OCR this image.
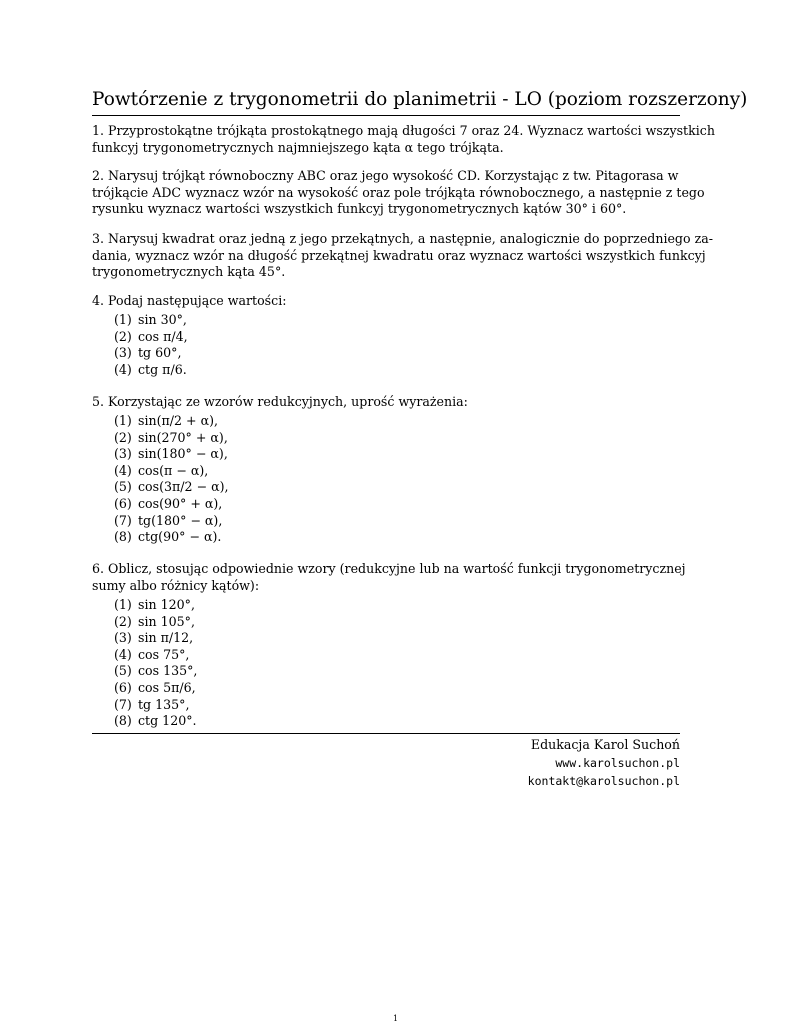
Powtórzenie z trygonometrii do planimetrii - LO (poziom rozszerzony)
1. Przyprostokątne trójkąta prostokątnego mają długości 7 oraz 24. Wyznacz wartości wszystkich
funkcyj trygonometrycznych najmniejszego kąta α tego trójkąta.
2. Narysuj trójkąt równoboczny ABC oraz jego wysokość CD. Korzystając z tw. Pitagorasa w
trójkącie ADC wyznacz wzór na wysokość oraz pole trójkąta równobocznego, a następnie z tego
rysunku wyznacz wartości wszystkich funkcyj trygonometrycznych kątów 30° i 60°.
3. Narysuj kwadrat oraz jedną z jego przekątnych, a następnie, analogicznie do poprzedniego za-
dania, wyznacz wzór na długość przekątnej kwadratu oraz wyznacz wartości wszystkich funkcyj
trygonometrycznych kąta 45°.
4. Podaj następujące wartości:
(1) sin 30°,
(2) cos π/4,
(3) tg 60°,
(4) ctg π/6.
5. Korzystając ze wzorów redukcyjnych, uprość wyrażenia:
(1) sin(π/2 + α),
(2) sin(270° + α),
(3) sin(180° − α),
(4) cos(π − α),
(5) cos(3π/2 − α),
(6) cos(90° + α),
(7) tg(180° − α),
(8) ctg(90° − α).
6. Oblicz, stosując odpowiednie wzory (redukcyjne lub na wartość funkcji trygonometrycznej
sumy albo różnicy kątów):
(1) sin 120°,
(2) sin 105°,
(3) sin π/12,
(4) cos 75°,
(5) cos 135°,
(6) cos 5π/6,
(7) tg 135°,
(8) ctg 120°.
Edukacja Karol Suchoń
www.karolsuchon.pl
kontakt@karolsuchon.pl
1
